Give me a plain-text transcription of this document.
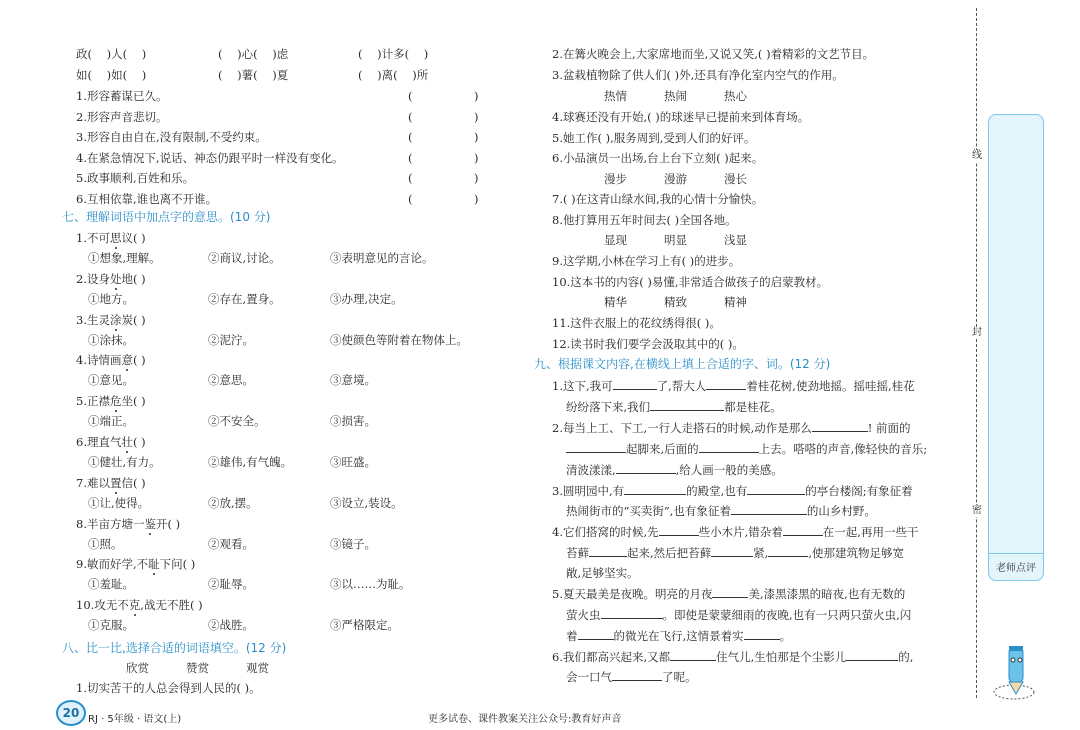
政( )人( )	( )心( )虑	( )计多( )
如( )如( )	( )薯( )夏	( )离( )所
1.形容蓄谋已久。	(	)
2.形容声音悲切。	(	)
3.形容自由自在,没有限制,不受约束。	(	)
4.在紧急情况下,说话、神态仍跟平时一样没有变化。	(	)
5.政事顺利,百姓和乐。	(	)
6.互相依靠,谁也离不开谁。	(	)
七、理解词语中加点字的意思。(10 分)
1.不可思议( )
①想象,理解。	②商议,讨论。	③表明意见的言论。
2.设身处地( )
①地方。	②存在,置身。	③办理,决定。
3.生灵涂炭( )
①涂抹。	②泥泞。	③使颜色等附着在物体上。
4.诗情画意( )
①意见。	②意思。	③意境。
5.正襟危坐( )
①端正。	②不安全。	③损害。
6.理直气壮( )
①健壮,有力。	②雄伟,有气魄。	③旺盛。
7.难以置信( )
①让,使得。	②放,摆。	③设立,装设。
8.半亩方塘一鉴开( )
①照。	②观看。	③镜子。
9.敏而好学,不耻下问( )
①羞耻。	②耻辱。	③以……为耻。
10.攻无不克,战无不胜( )
①克服。	②战胜。	③严格限定。
八、比一比,选择合适的词语填空。(12 分)
欣赏	赞赏	观赏
1.切实苦干的人总会得到人民的( )。
2.在篝火晚会上,大家席地而坐,又说又笑,( )着精彩的文艺节目。
3.盆栽植物除了供人们( )外,还具有净化室内空气的作用。
热情	热闹	热心
4.球赛还没有开始,( )的球迷早已提前来到体育场。
5.她工作( ),服务周到,受到人们的好评。
6.小品演员一出场,台上台下立刻( )起来。
漫步	漫游	漫长
7.( )在这青山绿水间,我的心情十分愉快。
8.他打算用五年时间去( )全国各地。
显现	明显	浅显
9.这学期,小林在学习上有( )的进步。
10.这本书的内容( )易懂,非常适合做孩子的启蒙教材。
精华	精致	精神
11.这件衣服上的花纹绣得很( )。
12.读书时我们要学会汲取其中的( )。
九、根据课文内容,在横线上填上合适的字、词。(12 分)
1.这下,我可	了,帮大人	着桂花树,使劲地摇。摇哇摇,桂花
纷纷落下来,我们	都是桂花。
2.每当上工、下工,一行人走搭石的时候,动作是那么	! 前面的
起脚来,后面的	上去。嗒嗒的声音,像轻快的音乐;
清波漾漾,	,给人画一般的美感。
3.圆明园中,有	的殿堂,也有	的亭台楼阁;有象征着
热闹街市的“买卖街”,也有象征着	的山乡村野。
4.它们搭窝的时候,先	些小木片,错杂着	在一起,再用一些干
苔藓	起来,然后把苔藓	紧,	,使那建筑物足够宽
敞,足够坚实。
5.夏天最美是夜晚。明亮的月夜	美,漆黑漆黑的暗夜,也有无数的
萤火虫	。即使是蒙蒙细雨的夜晚,也有一只两只萤火虫,闪
着	的微光在飞行,这情景着实	。
6.我们都高兴起来,又都	住气儿,生怕那是个尘影儿	的,
会一口气	了呢。
线
封
密
老师点评
20 RJ · 5年级 · 语文(上)	更多试卷、课件教案关注公众号:教育好声音
